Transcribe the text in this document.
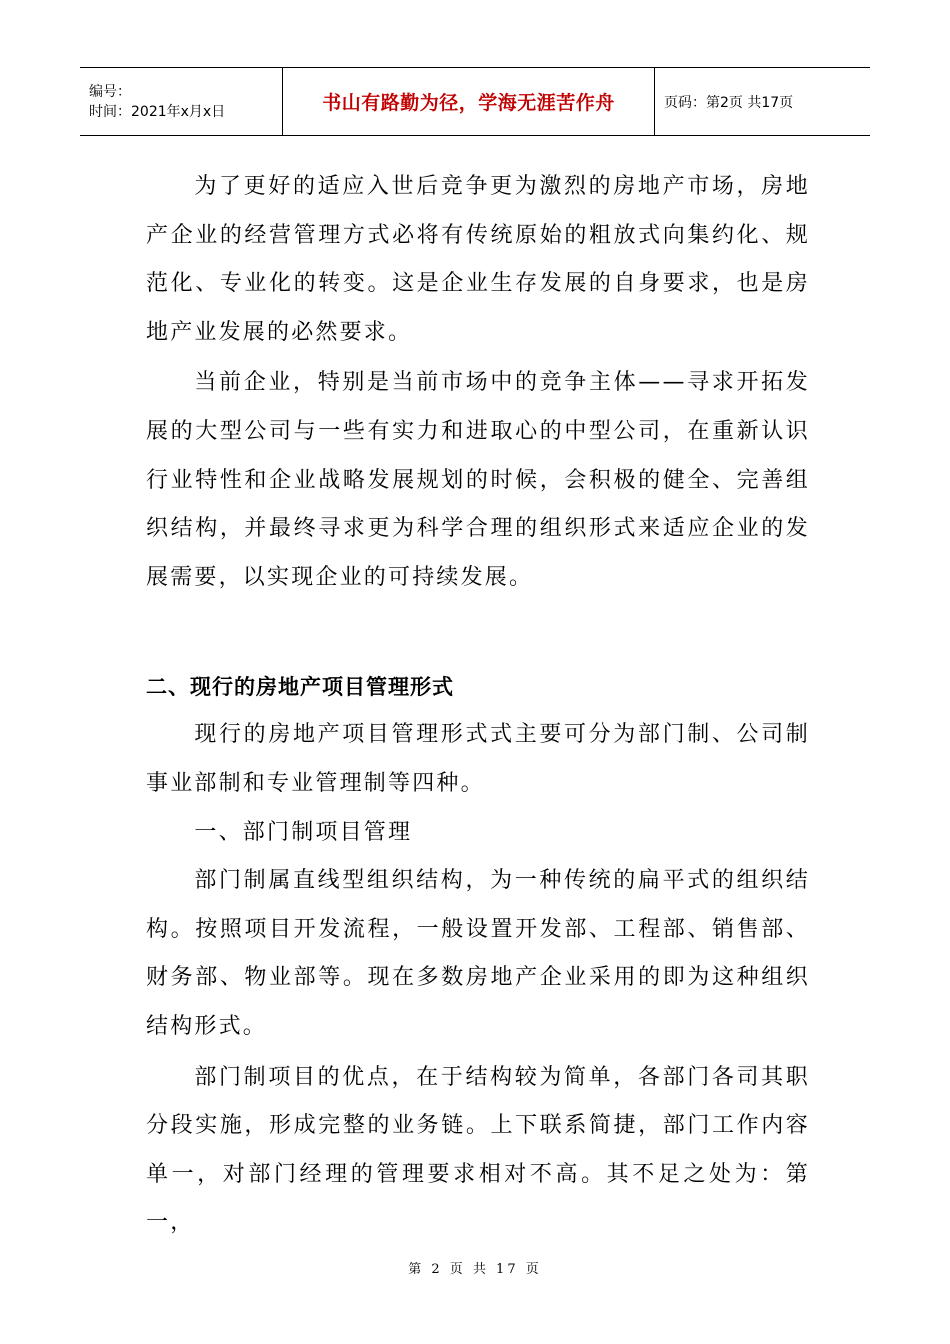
编号：
时间：2021年x月x日	书山有路勤为径，学海无涯苦作舟	页码：第2页 共17页

为了更好的适应入世后竞争更为激烈的房地产市场，房地产企业的经营管理方式必将有传统原始的粗放式向集约化、规范化、专业化的转变。这是企业生存发展的自身要求，也是房地产业发展的必然要求。

当前企业，特别是当前市场中的竞争主体——寻求开拓发展的大型公司与一些有实力和进取心的中型公司，在重新认识行业特性和企业战略发展规划的时候，会积极的健全、完善组织结构，并最终寻求更为科学合理的组织形式来适应企业的发展需要，以实现企业的可持续发展。

二、现行的房地产项目管理形式

现行的房地产项目管理形式式主要可分为部门制、公司制事业部制和专业管理制等四种。

一、部门制项目管理

部门制属直线型组织结构，为一种传统的扁平式的组织结构。按照项目开发流程，一般设置开发部、工程部、销售部、财务部、物业部等。现在多数房地产企业采用的即为这种组织结构形式。

部门制项目的优点，在于结构较为简单，各部门各司其职分段实施，形成完整的业务链。上下联系简捷，部门工作内容单一，对部门经理的管理要求相对不高。其不足之处为：第一，

第 2 页 共 17 页
